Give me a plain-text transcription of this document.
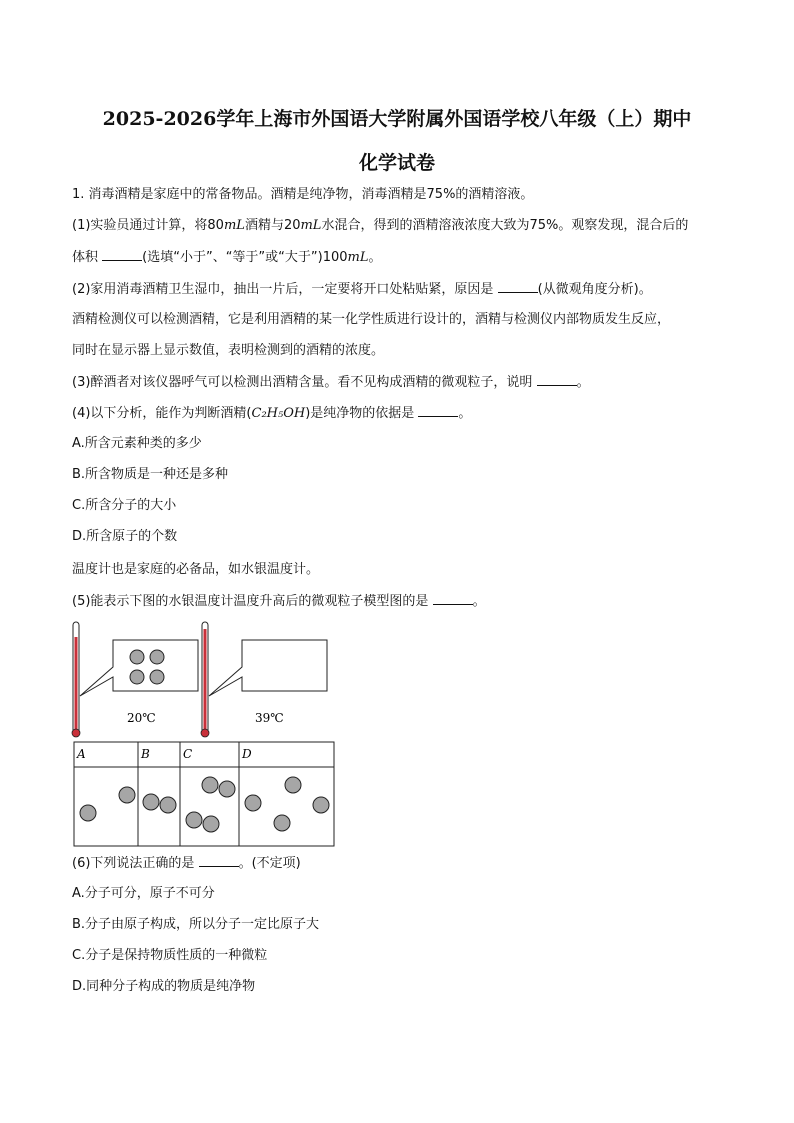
2025-2026学年上海市外国语大学附属外国语学校八年级（上）期中
化学试卷
1. 消毒酒精是家庭中的常备物品。酒精是纯净物，消毒酒精是75%的酒精溶液。
(1)实验员通过计算，将80mL酒精与20mL水混合，得到的酒精溶液浓度大致为75%。观察发现，混合后的
体积	(选填“小于”、“等于”或“大于”)100mL。
(2)家用消毒酒精卫生湿巾，抽出一片后，一定要将开口处粘贴紧，原因是	(从微观角度分析)。
酒精检测仪可以检测酒精，它是利用酒精的某一化学性质进行设计的，酒精与检测仪内部物质发生反应，
同时在显示器上显示数值，表明检测到的酒精的浓度。
(3)醉酒者对该仪器呼气可以检测出酒精含量。看不见构成酒精的微观粒子，说明	。
(4)以下分析，能作为判断酒精(C₂H₅OH)是纯净物的依据是	。
A.所含元素种类的多少
B.所含物质是一种还是多种
C.所含分子的大小
D.所含原子的个数
温度计也是家庭的必备品，如水银温度计。
(5)能表示下图的水银温度计温度升高后的微观粒子模型图的是	。
20℃	39℃
A	B	C	D
(6)下列说法正确的是	。(不定项)
A.分子可分，原子不可分
B.分子由原子构成，所以分子一定比原子大
C.分子是保持物质性质的一种微粒
D.同种分子构成的物质是纯净物
